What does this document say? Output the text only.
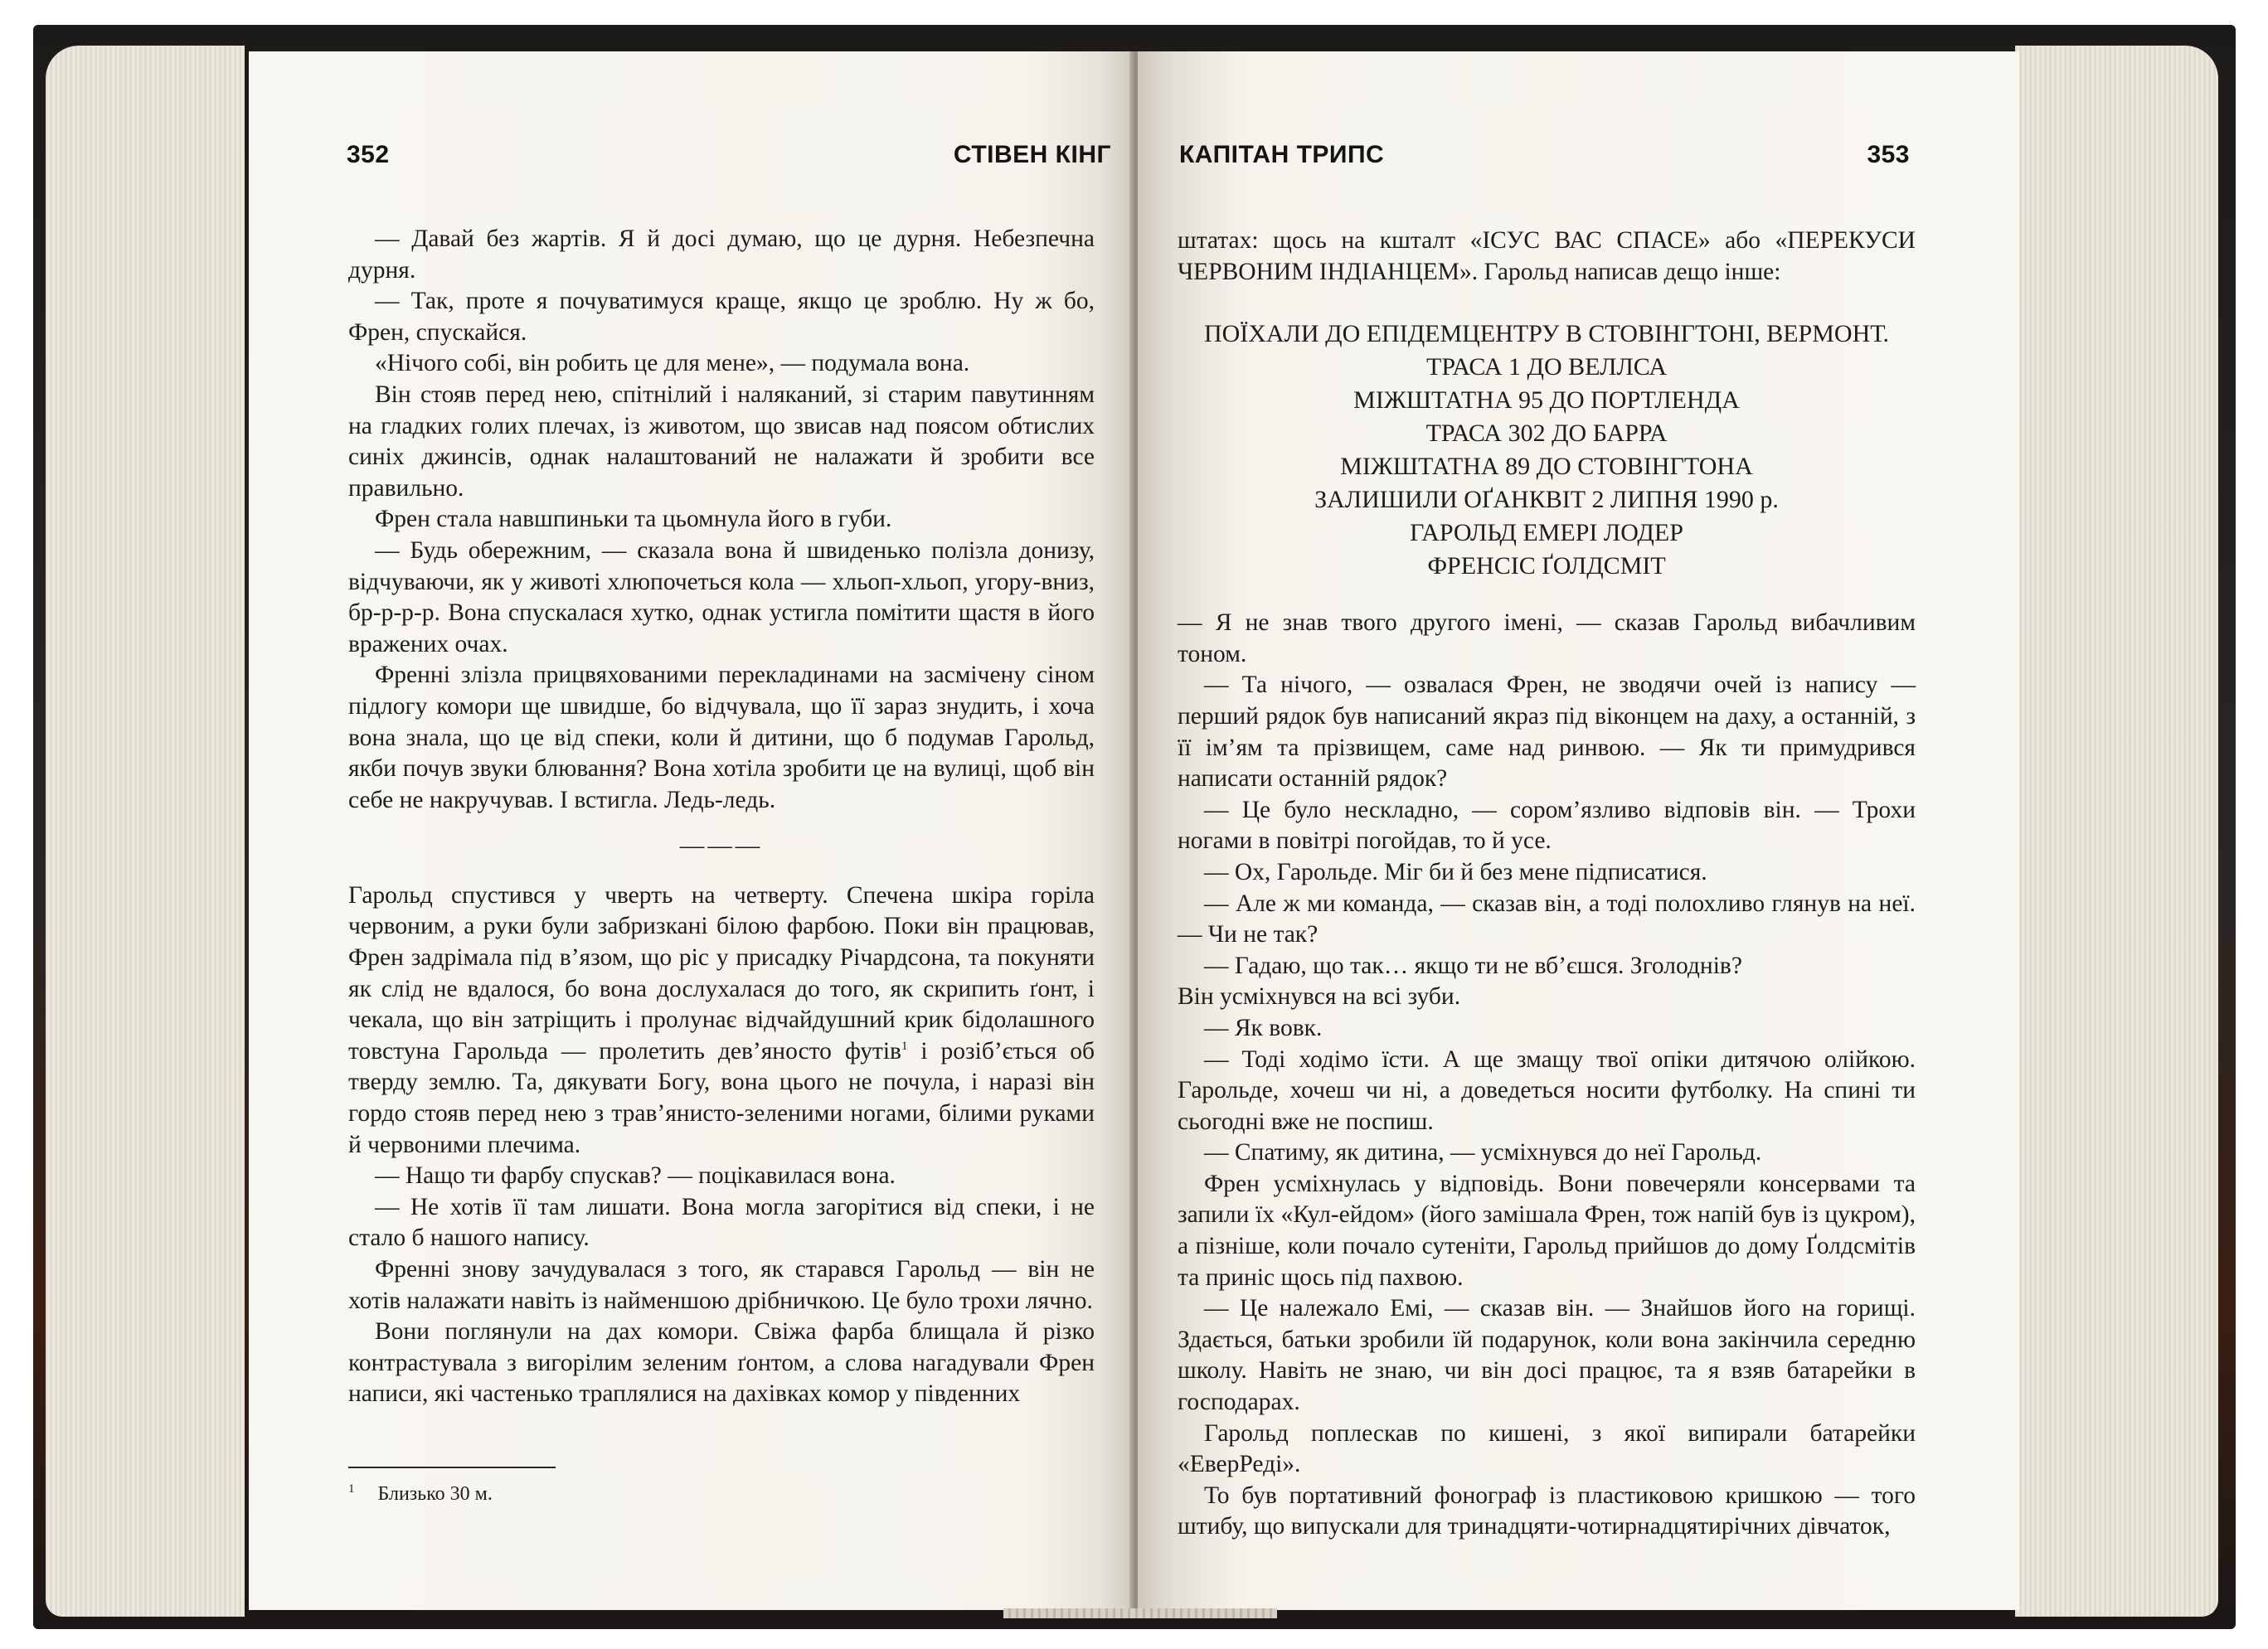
352	СТІВЕН КІНГ

— Давай без жартів. Я й досі думаю, що це дурня. Небезпечна дурня.

— Так, проте я почуватимуся краще, якщо це зроблю. Ну ж бо, Френ, спускайся.

«Нічого собі, він робить це для мене», — подумала вона.

Він стояв перед нею, спітнілий і наляканий, зі старим павутинням на гладких голих плечах, із животом, що звисав над поясом обтислих синіх джинсів, однак налаштований не налажати й зробити все правильно.

Френ стала навшпиньки та цьомнула його в губи.

— Будь обережним, — сказала вона й швиденько полізла донизу, відчуваючи, як у животі хлюпочеться кола — хльоп-хльоп, угору-вниз, бр-р-р-р. Вона спускалася хутко, однак устигла помітити щастя в його вражених очах.

Френні злізла прицвяхованими перекладинами на засмічену сіном підлогу комори ще швидше, бо відчувала, що її зараз знудить, і хоча вона знала, що це від спеки, коли й дитини, що б подумав Гарольд, якби почув звуки блювання? Вона хотіла зробити це на вулиці, щоб він себе не накручував. І встигла. Ледь-ледь.

———

Гарольд спустився у чверть на четверту. Спечена шкіра горіла червоним, а руки були забризкані білою фарбою. Поки він працював, Френ задрімала під в’язом, що ріс у присадку Річардсона, та покуняти як слід не вдалося, бо вона дослухалася до того, як скрипить ґонт, і чекала, що він затріщить і пролунає відчайдушний крик бідолашного товстуна Гарольда — пролетить дев’яносто футів$^1$ і розіб’ється об тверду землю. Та, дякувати Богу, вона цього не почула, і наразі він гордо стояв перед нею з трав’янисто-зеленими ногами, білими руками й червоними плечима.

— Нащо ти фарбу спускав? — поцікавилася вона.

— Не хотів її там лишати. Вона могла загорітися від спеки, і не стало б нашого напису.

Френні знову зачудувалася з того, як старався Гарольд — він не хотів налажати навіть із найменшою дрібничкою. Це було трохи лячно.

Вони поглянули на дах комори. Свіжа фарба блищала й різко контрастувала з вигорілим зеленим ґонтом, а слова нагадували Френ написи, які частенько траплялися на дахівках комор у південних

$^1$ Близько 30 м.
КАПІТАН ТРИПС	353

штатах: щось на кшталт «ІСУС ВАС СПАСЕ» або «ПЕРЕКУСИ ЧЕРВОНИМ ІНДІАНЦЕМ». Гарольд написав дещо інше:

ПОЇХАЛИ ДО ЕПІДЕМЦЕНТРУ В СТОВІНГТОНІ, ВЕРМОНТ.
ТРАСА 1 ДО ВЕЛЛСА
МІЖШТАТНА 95 ДО ПОРТЛЕНДА
ТРАСА 302 ДО БАРРА
МІЖШТАТНА 89 ДО СТОВІНГТОНА
ЗАЛИШИЛИ ОҐАНКВІТ 2 ЛИПНЯ 1990 р.
ГАРОЛЬД ЕМЕРІ ЛОДЕР
ФРЕНСІС ҐОЛДСМІТ

— Я не знав твого другого імені, — сказав Гарольд вибачливим тоном.

— Та нічого, — озвалася Френ, не зводячи очей із напису — перший рядок був написаний якраз під віконцем на даху, а останній, з її ім’ям та прізвищем, саме над ринвою. — Як ти примудрився написати останній рядок?

— Це було нескладно, — сором’язливо відповів він. — Трохи ногами в повітрі погойдав, то й усе.

— Ох, Гарольде. Міг би й без мене підписатися.

— Але ж ми команда, — сказав він, а тоді полохливо глянув на неї. — Чи не так?

— Гадаю, що так… якщо ти не вб’єшся. Зголоднів?

Він усміхнувся на всі зуби.

— Як вовк.

— Тоді ходімо їсти. А ще змащу твої опіки дитячою олійкою. Гарольде, хочеш чи ні, а доведеться носити футболку. На спині ти сьогодні вже не поспиш.

— Спатиму, як дитина, — усміхнувся до неї Гарольд.

Френ усміхнулась у відповідь. Вони повечеряли консервами та запили їх «Кул-ейдом» (його замішала Френ, тож напій був із цукром), а пізніше, коли почало сутеніти, Гарольд прийшов до дому Ґолдсмітів та приніс щось під пахвою.

— Це належало Емі, — сказав він. — Знайшов його на горищі. Здається, батьки зробили їй подарунок, коли вона закінчила середню школу. Навіть не знаю, чи він досі працює, та я взяв батарейки в господарах.

Гарольд поплескав по кишені, з якої випирали батарейки «ЕверРеді».

То був портативний фонограф із пластиковою кришкою — того штибу, що випускали для тринадцяти-чотирнадцятирічних дівчаток,
